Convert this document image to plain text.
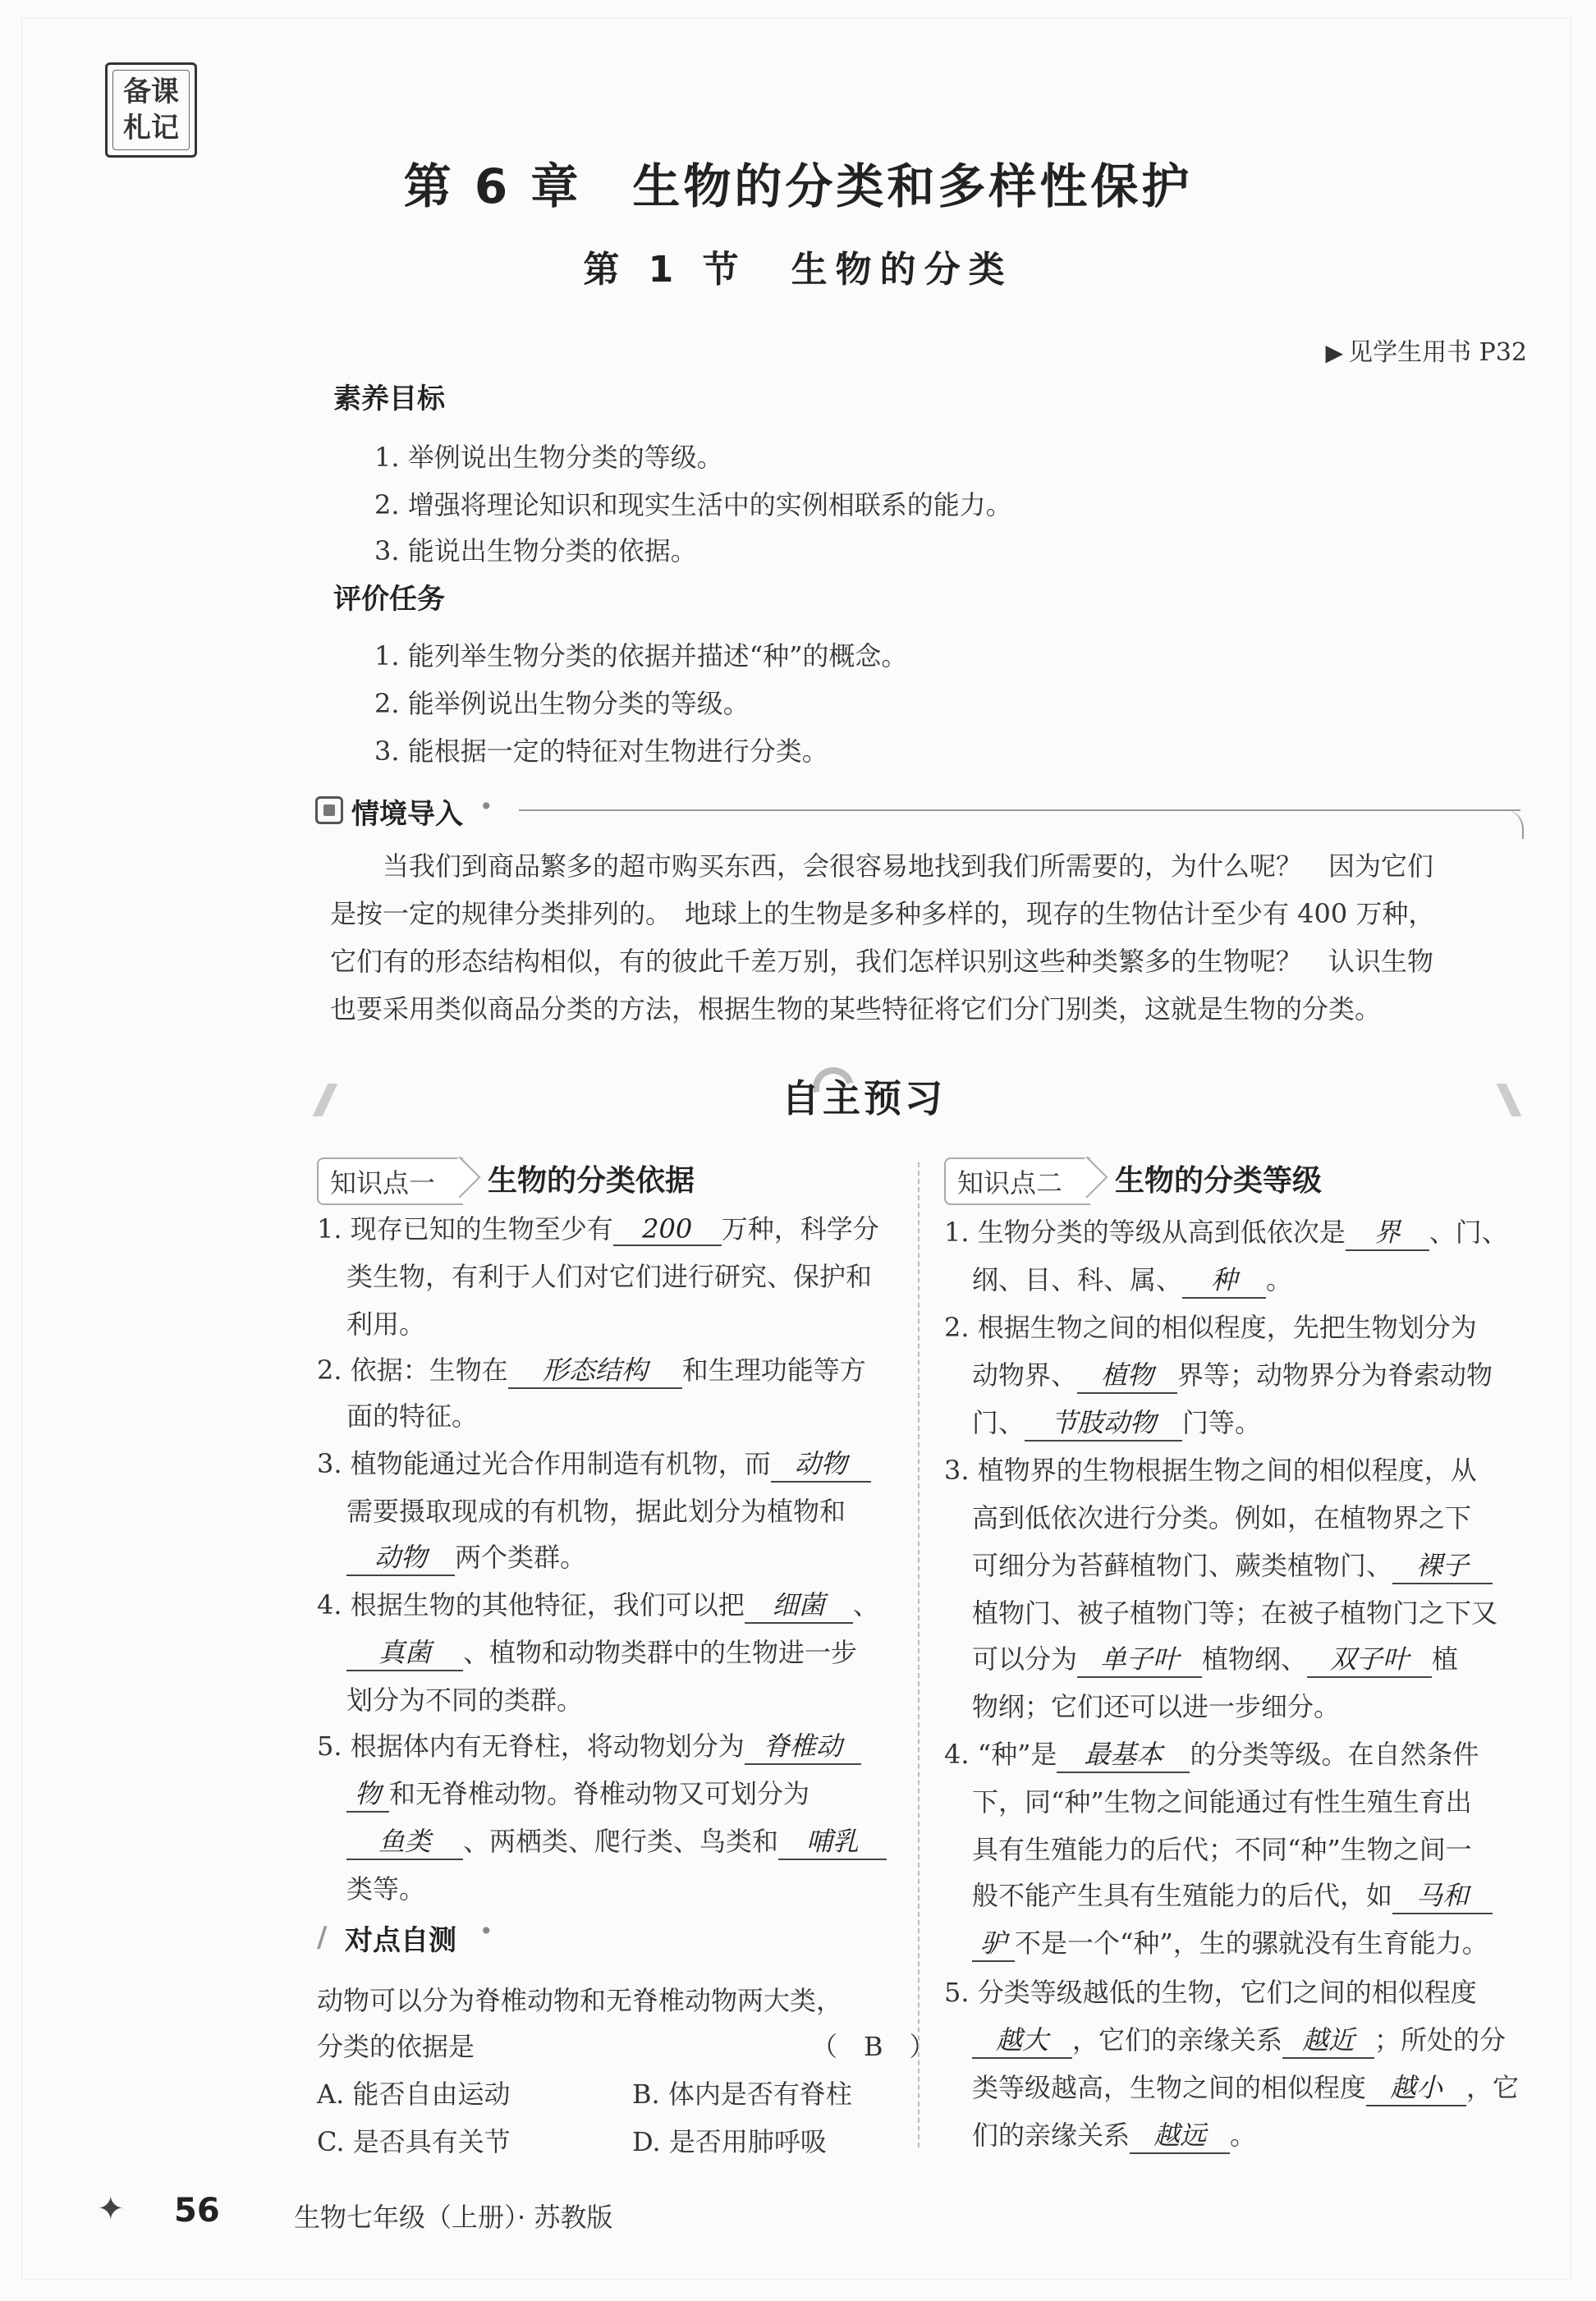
备课
札记
第 6 章　生物的分类和多样性保护
第 1 节　生物的分类
▶ 见学生用书 P32
素养目标
1. 举例说出生物分类的等级。
2. 增强将理论知识和现实生活中的实例相联系的能力。
3. 能说出生物分类的依据。
评价任务
1. 能列举生物分类的依据并描述“种”的概念。
2. 能举例说出生物分类的等级。
3. 能根据一定的特征对生物进行分类。
情境导入 •
　　当我们到商品繁多的超市购买东西，会很容易地找到我们所需要的，为什么呢？　因为它们
是按一定的规律分类排列的。　地球上的生物是多种多样的，现存的生物估计至少有 400 万种，
它们有的形态结构相似，有的彼此千差万别，我们怎样识别这些种类繁多的生物呢？　认识生物
也要采用类似商品分类的方法，根据生物的某些特征将它们分门别类，这就是生物的分类。
自主预习
知识点一	生物的分类依据
1. 现存已知的生物至少有 200 万种，科学分
类生物，有利于人们对它们进行研究、保护和
利用。
2. 依据：生物在 形态结构 和生理功能等方
面的特征。
3. 植物能通过光合作用制造有机物，而 动物
需要摄取现成的有机物，据此划分为植物和
动物 两个类群。
4. 根据生物的其他特征，我们可以把 细菌 、
真菌 、植物和动物类群中的生物进一步
划分为不同的类群。
5. 根据体内有无脊柱，将动物划分为 脊椎动
物 和无脊椎动物。脊椎动物又可划分为
鱼类 、两栖类、爬行类、鸟类和 哺乳
类等。
∕ 对点自测 •
动物可以分为脊椎动物和无脊椎动物两大类，
分类的依据是	（　B　）
A. 能否自由运动	B. 体内是否有脊柱
C. 是否具有关节	D. 是否用肺呼吸
知识点二	生物的分类等级
1. 生物分类的等级从高到低依次是 界 、门、
纲、目、科、属、 种 。
2. 根据生物之间的相似程度，先把生物划分为
动物界、 植物 界等；动物界分为脊索动物
门、 节肢动物 门等。
3. 植物界的生物根据生物之间的相似程度，从
高到低依次进行分类。例如，在植物界之下
可细分为苔藓植物门、蕨类植物门、 裸子
植物门、被子植物门等；在被子植物门之下又
可以分为 单子叶 植物纲、 双子叶 植
物纲；它们还可以进一步细分。
4. “种”是 最基本 的分类等级。在自然条件
下，同“种”生物之间能通过有性生殖生育出
具有生殖能力的后代；不同“种”生物之间一
般不能产生具有生殖能力的后代，如 马和
驴 不是一个“种”，生的骡就没有生育能力。
5. 分类等级越低的生物，它们之间的相似程度
越大 ，它们的亲缘关系 越近 ；所处的分
类等级越高，生物之间的相似程度 越小 ，它
们的亲缘关系 越远 。
✦ 56	生物七年级（上册）· 苏教版
